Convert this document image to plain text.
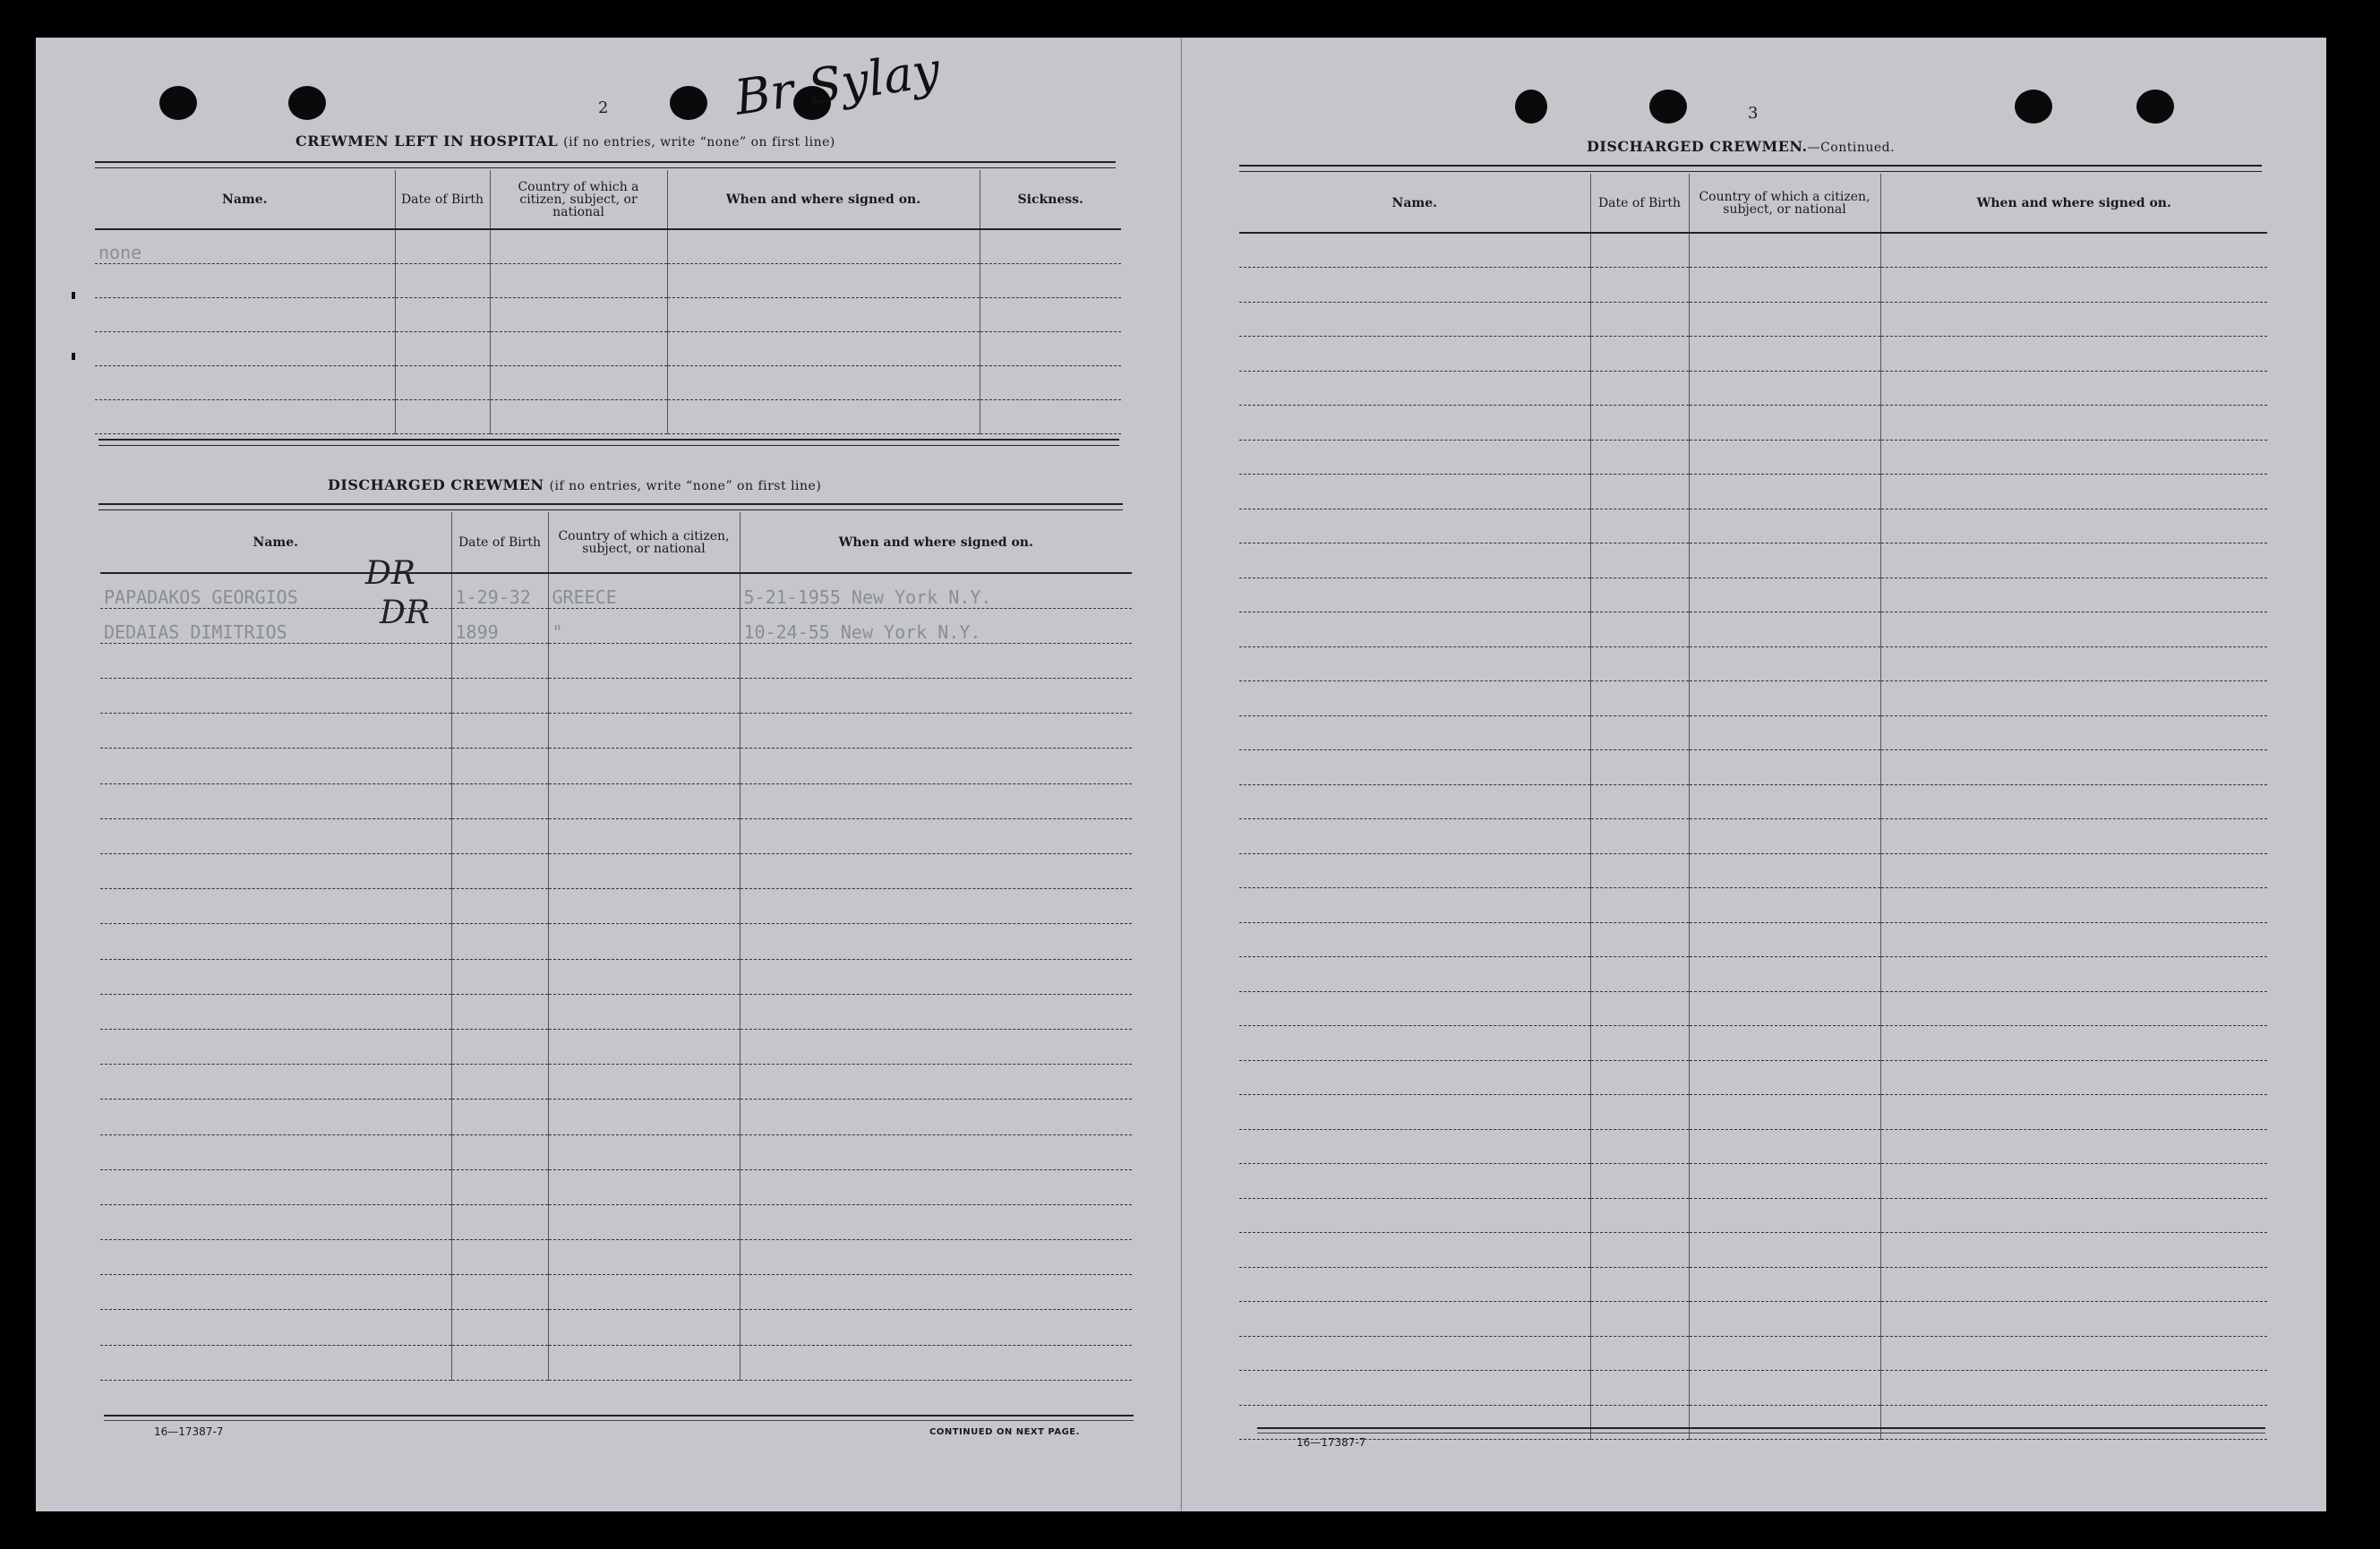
2	Br Sylay
CREWMEN LEFT IN HOSPITAL (if no entries, write “none” on first line)
Name.	Date of Birth	Country of which a citizen, subject, or national	When and where signed on.	Sickness.
none				

DISCHARGED CREWMEN (if no entries, write “none” on first line)
Name.	Date of Birth	Country of which a citizen, subject, or national	When and where signed on.
PAPADAKOS GEORGIOS	1-29-32	GREECE	5-21-1955 New York N.Y.
DEDAIAS DIMITRIOS	1899	"	10-24-55 New York N.Y.

DR
DR
16—17387-7	CONTINUED ON NEXT PAGE.
3
DISCHARGED CREWMEN.—Continued.
Name.	Date of Birth	Country of which a citizen, subject, or national	When and where signed on.

16—17387-7
